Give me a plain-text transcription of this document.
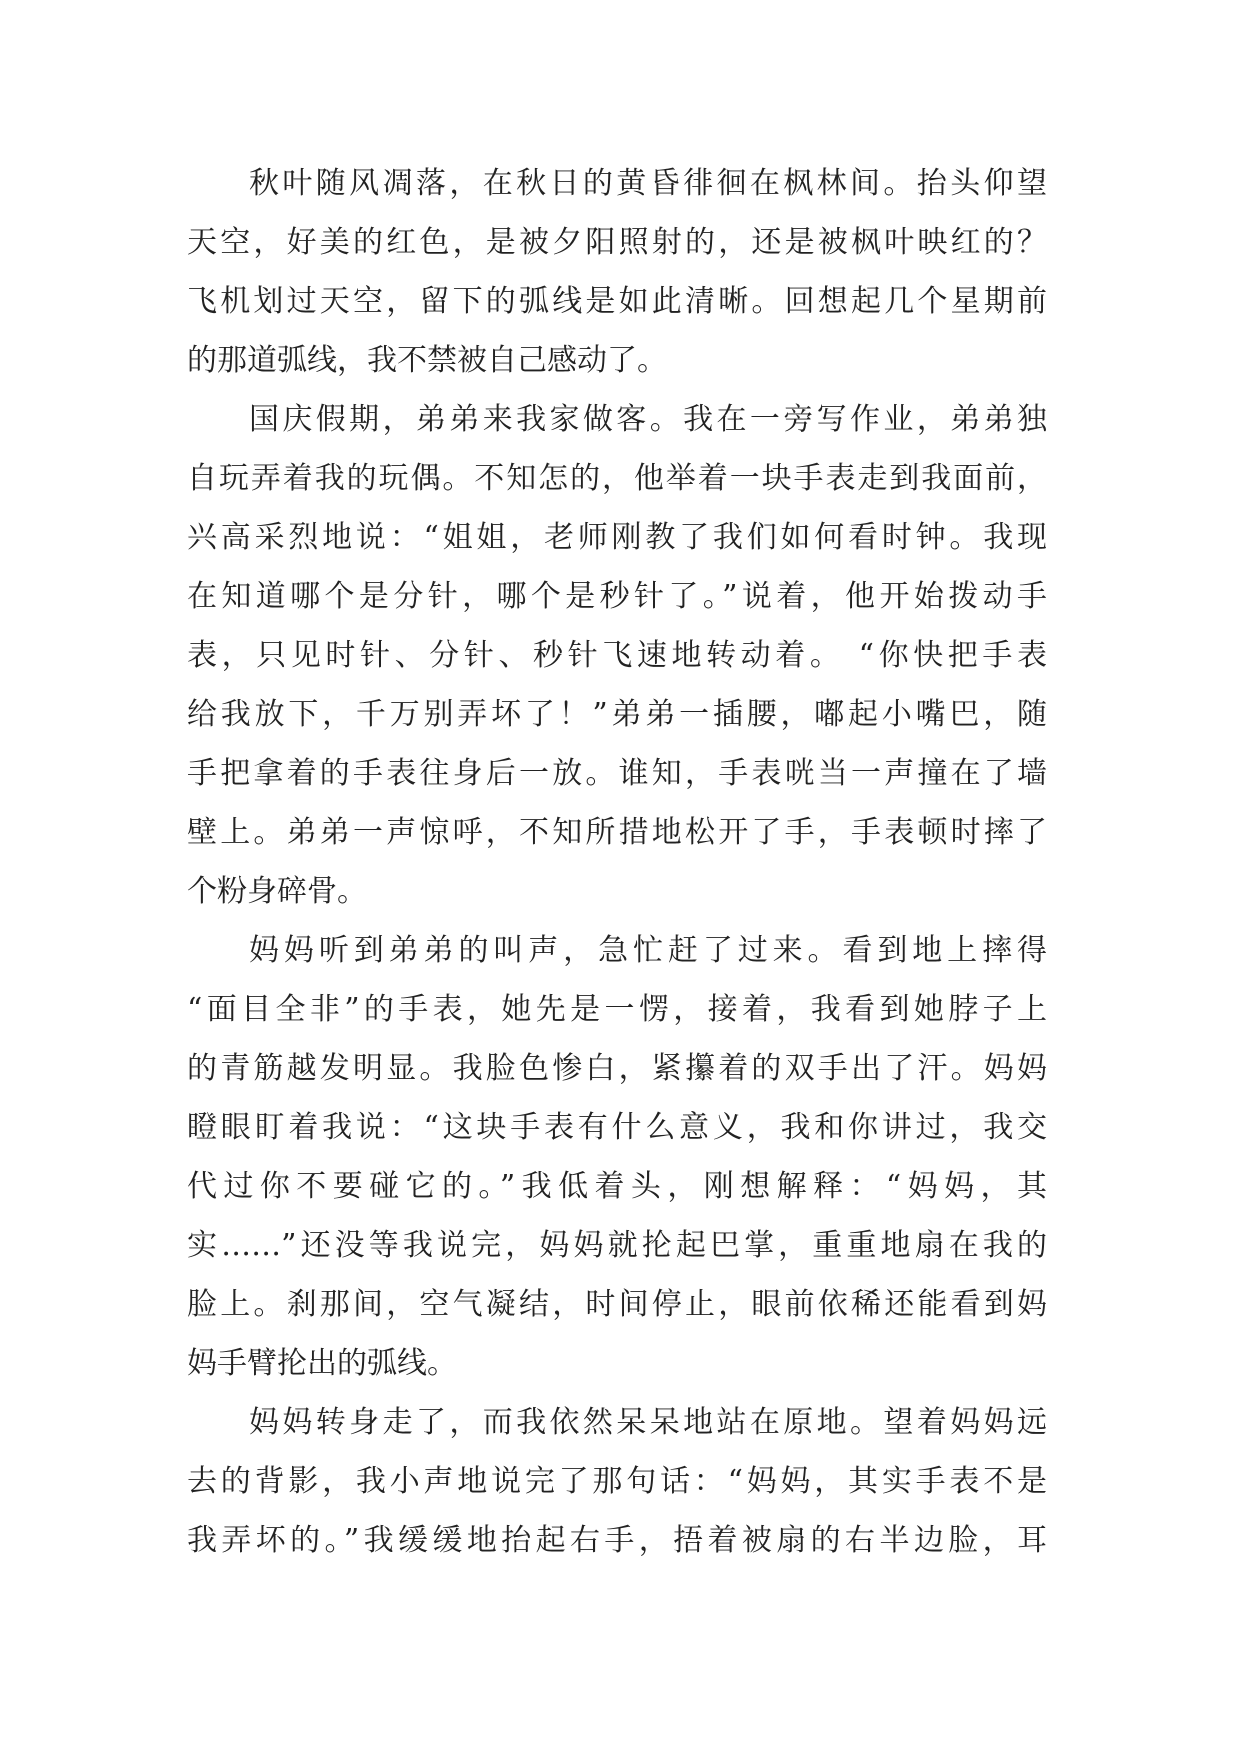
秋叶随风凋落，在秋日的黄昏徘徊在枫林间。抬头仰望
天空，好美的红色，是被夕阳照射的，还是被枫叶映红的？
飞机划过天空，留下的弧线是如此清晰。回想起几个星期前
的那道弧线，我不禁被自己感动了。
国庆假期，弟弟来我家做客。我在一旁写作业，弟弟独
自玩弄着我的玩偶。不知怎的，他举着一块手表走到我面前，
兴高采烈地说：“姐姐，老师刚教了我们如何看时钟。我现
在知道哪个是分针，哪个是秒针了。”说着，他开始拨动手
表，只见时针、分针、秒针飞速地转动着。 “你快把手表
给我放下，千万别弄坏了！”弟弟一插腰，嘟起小嘴巴，随
手把拿着的手表往身后一放。谁知，手表咣当一声撞在了墙
壁上。弟弟一声惊呼，不知所措地松开了手，手表顿时摔了
个粉身碎骨。
妈妈听到弟弟的叫声，急忙赶了过来。看到地上摔得
“面目全非”的手表，她先是一愣，接着，我看到她脖子上
的青筋越发明显。我脸色惨白，紧攥着的双手出了汗。妈妈
瞪眼盯着我说：“这块手表有什么意义，我和你讲过，我交
代过你不要碰它的。”我低着头，刚想解释：“妈妈，其
实……”还没等我说完，妈妈就抡起巴掌，重重地扇在我的
脸上。刹那间，空气凝结，时间停止，眼前依稀还能看到妈
妈手臂抡出的弧线。
妈妈转身走了，而我依然呆呆地站在原地。望着妈妈远
去的背影，我小声地说完了那句话：“妈妈，其实手表不是
我弄坏的。”我缓缓地抬起右手，捂着被扇的右半边脸，耳
